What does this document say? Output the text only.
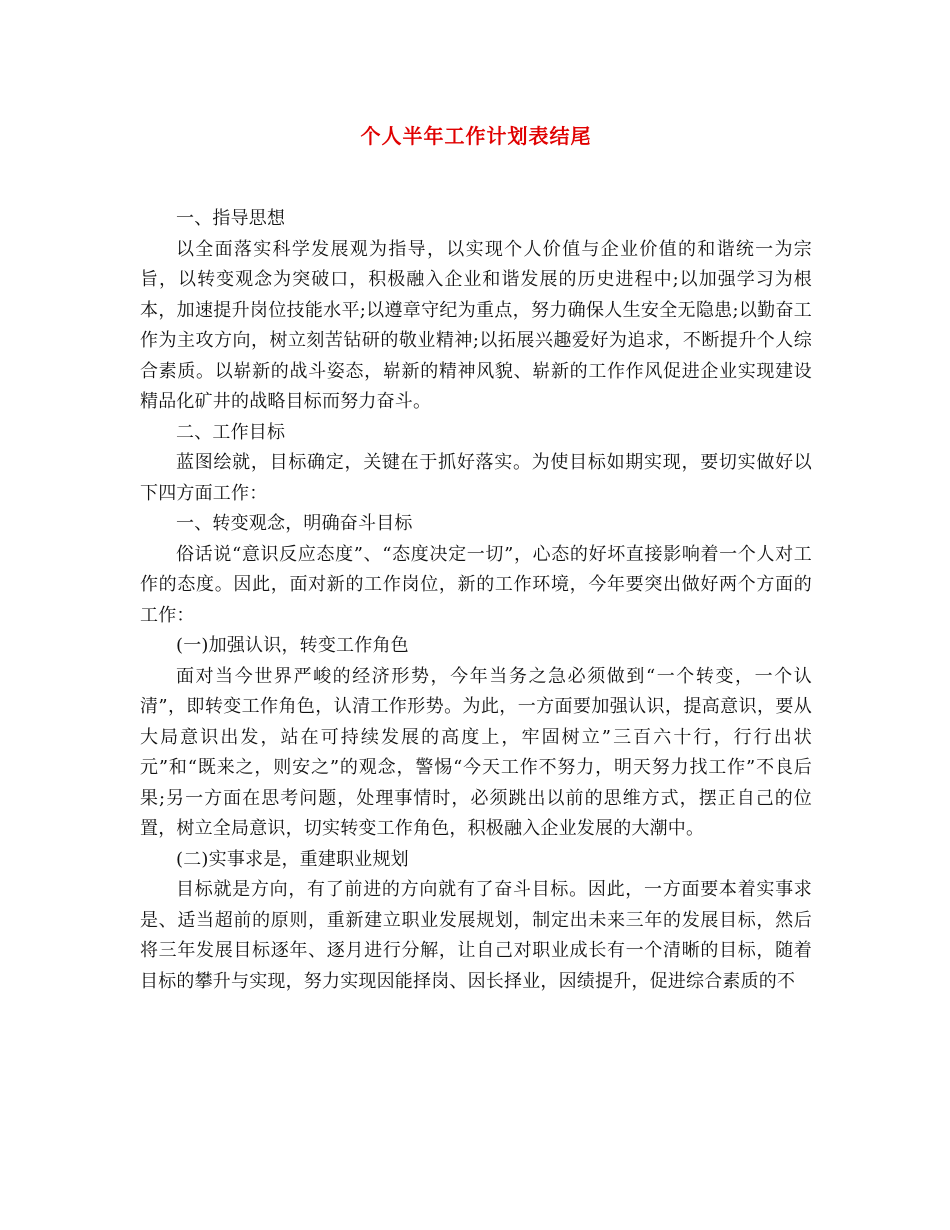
个人半年工作计划表结尾

一、指导思想

以全面落实科学发展观为指导，以实现个人价值与企业价值的和谐统一为宗旨，以转变观念为突破口，积极融入企业和谐发展的历史进程中;以加强学习为根本，加速提升岗位技能水平;以遵章守纪为重点，努力确保人生安全无隐患;以勤奋工作为主攻方向，树立刻苦钻研的敬业精神;以拓展兴趣爱好为追求，不断提升个人综合素质。以崭新的战斗姿态，崭新的精神风貌、崭新的工作作风促进企业实现建设精品化矿井的战略目标而努力奋斗。

二、工作目标

蓝图绘就，目标确定，关键在于抓好落实。为使目标如期实现，要切实做好以下四方面工作：

一、转变观念，明确奋斗目标

俗话说“意识反应态度”、“态度决定一切”，心态的好坏直接影响着一个人对工作的态度。因此，面对新的工作岗位，新的工作环境，今年要突出做好两个方面的工作：

(一)加强认识，转变工作角色

面对当今世界严峻的经济形势，今年当务之急必须做到“一个转变，一个认清”，即转变工作角色，认清工作形势。为此，一方面要加强认识，提高意识，要从大局意识出发，站在可持续发展的高度上，牢固树立”三百六十行，行行出状元”和“既来之，则安之”的观念，警惕“今天工作不努力，明天努力找工作”不良后果;另一方面在思考问题，处理事情时，必须跳出以前的思维方式，摆正自己的位置，树立全局意识，切实转变工作角色，积极融入企业发展的大潮中。

(二)实事求是，重建职业规划

目标就是方向，有了前进的方向就有了奋斗目标。因此，一方面要本着实事求是、适当超前的原则，重新建立职业发展规划，制定出未来三年的发展目标，然后将三年发展目标逐年、逐月进行分解，让自己对职业成长有一个清晰的目标，随着目标的攀升与实现，努力实现因能择岗、因长择业，因绩提升，促进综合素质的不
